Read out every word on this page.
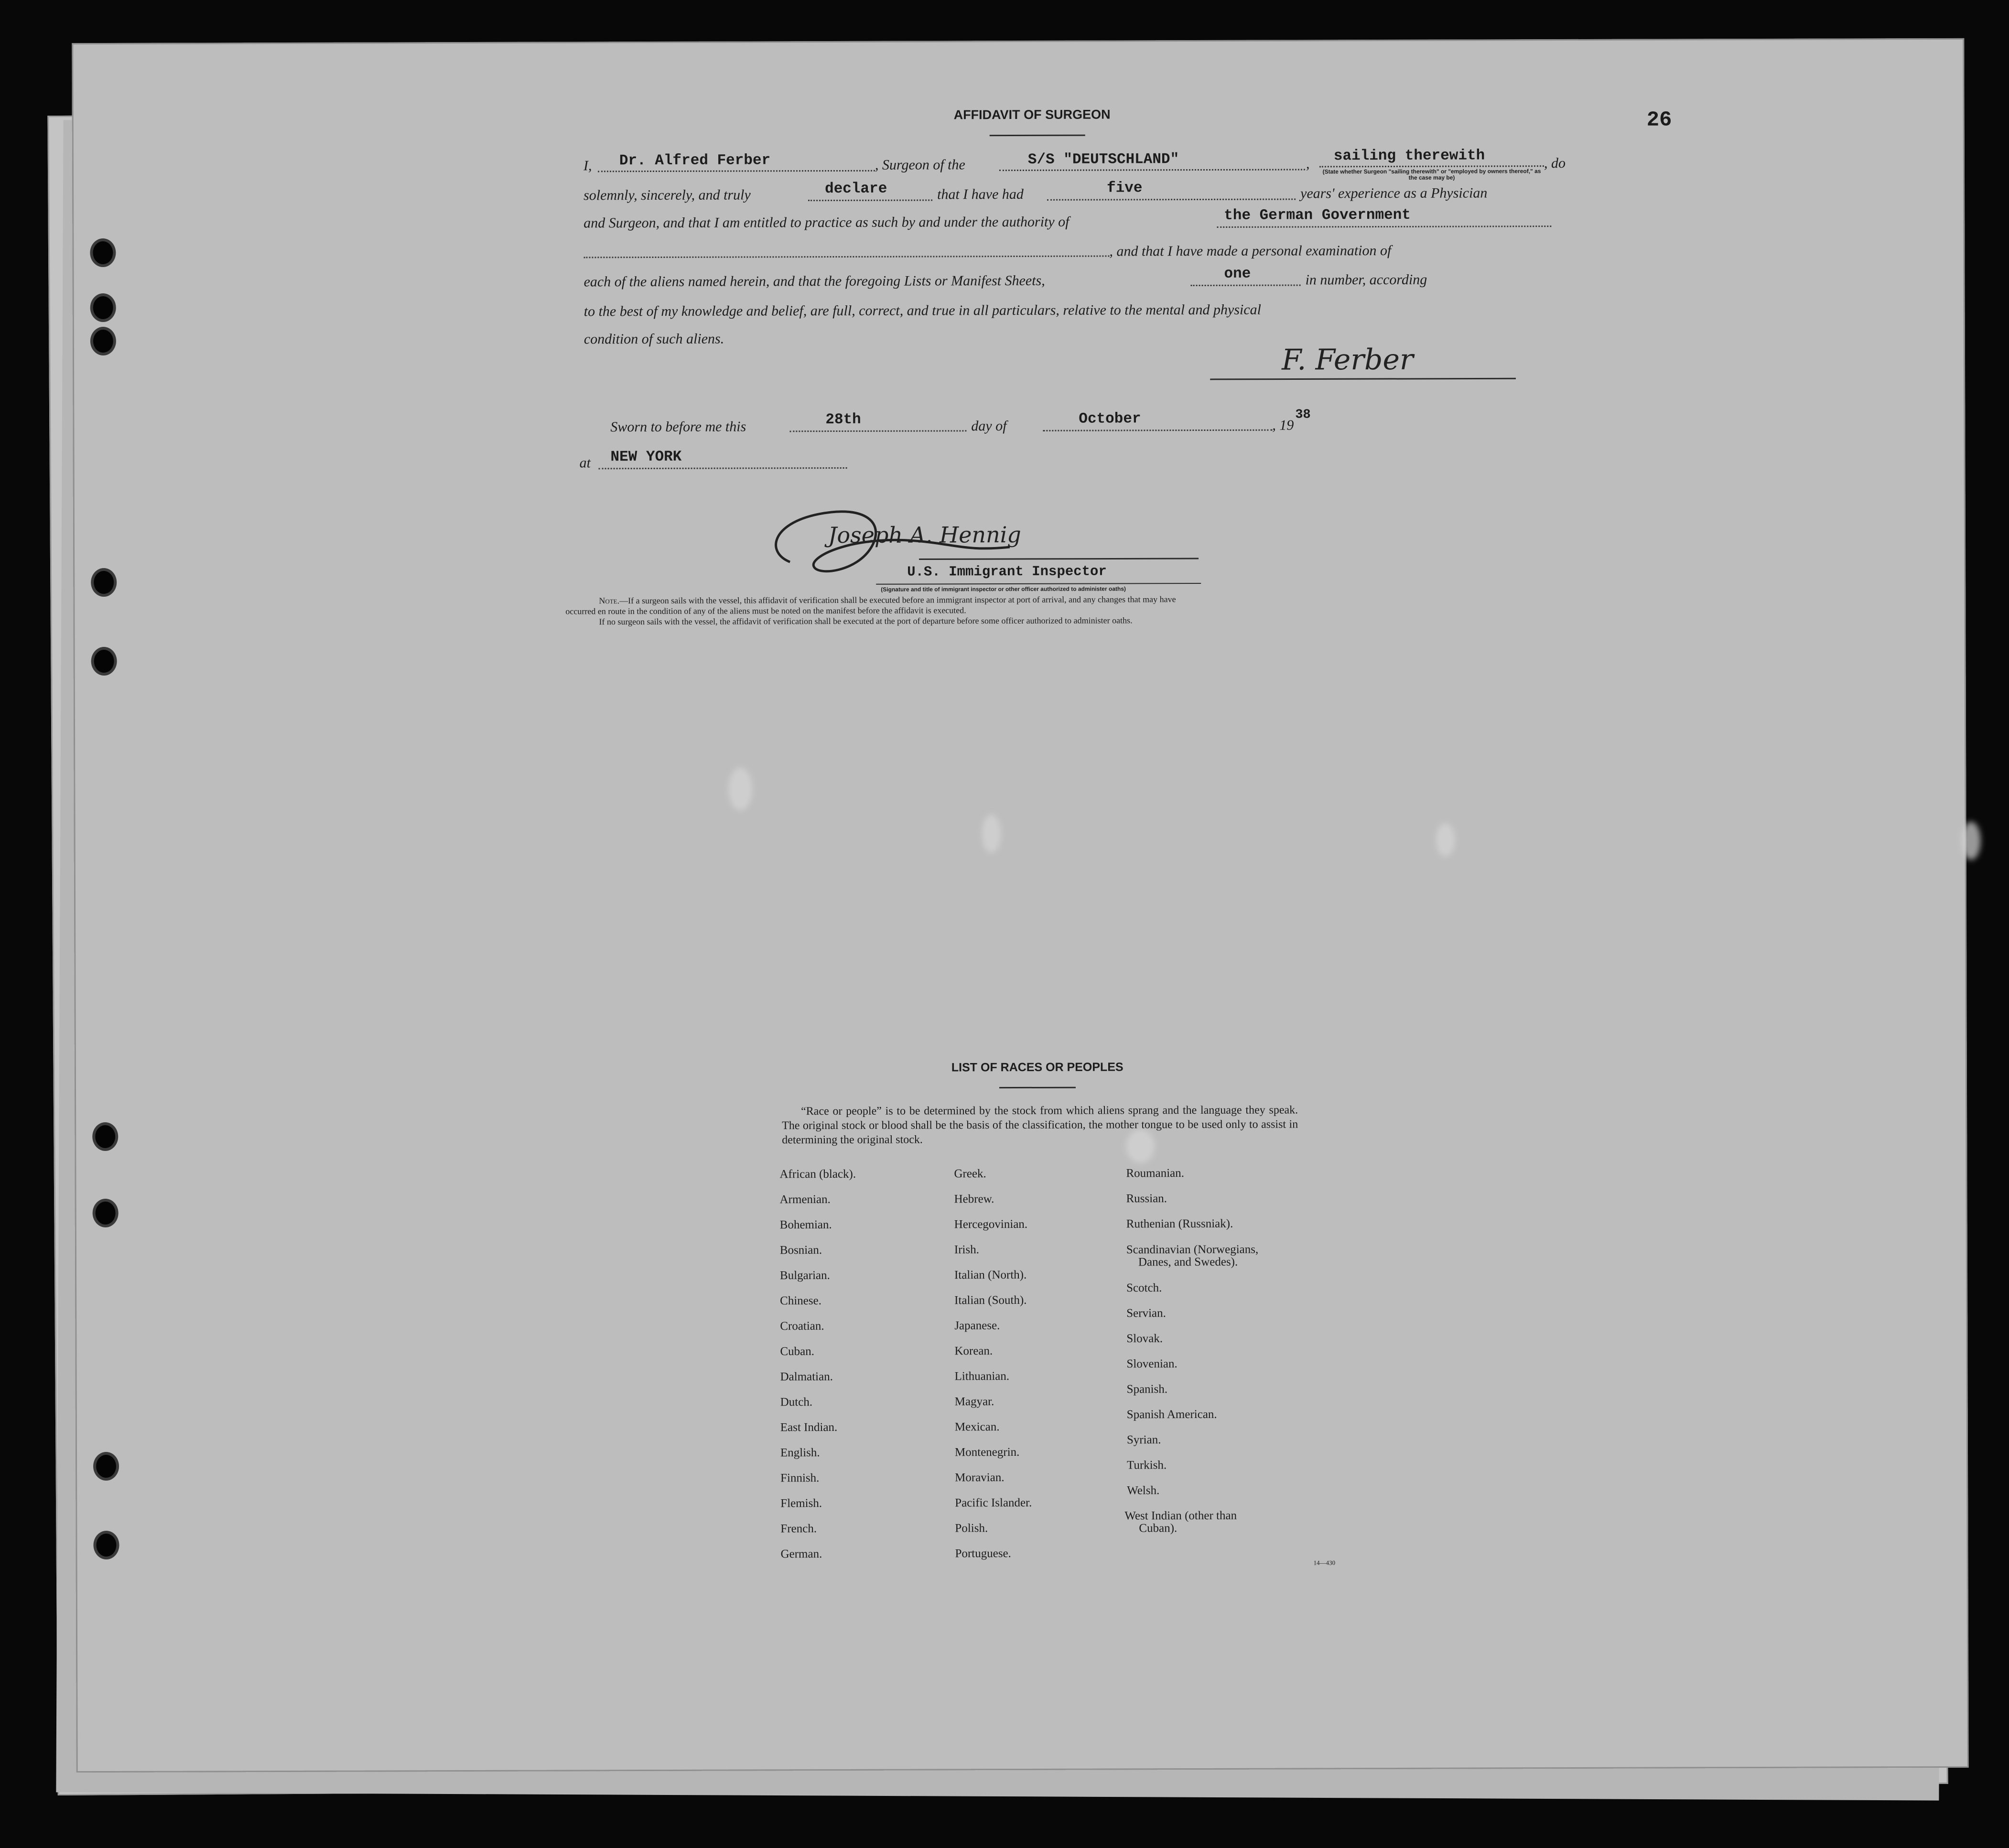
26
AFFIDAVIT OF SURGEON
I, Dr. Alfred Ferber	, Surgeon of the	S/S "DEUTSCHLAND"	, sailing therewith
(State whether Surgeon "sailing therewith" or "employed by owners thereof," as the case may be)
, do
solemnly, sincerely, and truly	declare	that I have had	five	years' experience as a Physician
and Surgeon, and that I am entitled to practice as such by and under the authority of	the German Government
, and that I have made a personal examination of
each of the aliens named herein, and that the foregoing Lists or Manifest Sheets,	one	in number, according
to the best of my knowledge and belief, are full, correct, and true in all particulars, relative to the mental and physical
condition of such aliens.
F. Ferber
Sworn to before me this	28th	day of	October	, 19
38
at NEW YORK
Joseph A. Hennig
U.S. Immigrant Inspector
(Signature and title of immigrant inspector or other officer authorized to administer oaths)
Note.—If a surgeon sails with the vessel, this affidavit of verification shall be executed before an immigrant inspector at port of arrival, and any changes that may have
occurred en route in the condition of any of the aliens must be noted on the manifest before the affidavit is executed.
If no surgeon sails with the vessel, the affidavit of verification shall be executed at the port of departure before some officer authorized to administer oaths.
LIST OF RACES OR PEOPLES
“Race or people” is to be determined by the stock from which aliens sprang and the language they speak. The original stock or blood shall be the basis of the classification, the mother tongue to be used only to assist in determining the original stock.
African (black).
Armenian.
Bohemian.
Bosnian.
Bulgarian.
Chinese.
Croatian.
Cuban.
Dalmatian.
Dutch.
East Indian.
English.
Finnish.
Flemish.
French.
German.
Greek.
Hebrew.
Hercegovinian.
Irish.
Italian (North).
Italian (South).
Japanese.
Korean.
Lithuanian.
Magyar.
Mexican.
Montenegrin.
Moravian.
Pacific Islander.
Polish.
Portuguese.
Roumanian.
Russian.
Ruthenian (Russniak).
Scandinavian (Norwegians,
Danes, and Swedes).
Scotch.
Servian.
Slovak.
Slovenian.
Spanish.
Spanish American.
Syrian.
Turkish.
Welsh.
West Indian (other than
Cuban).
14—430
